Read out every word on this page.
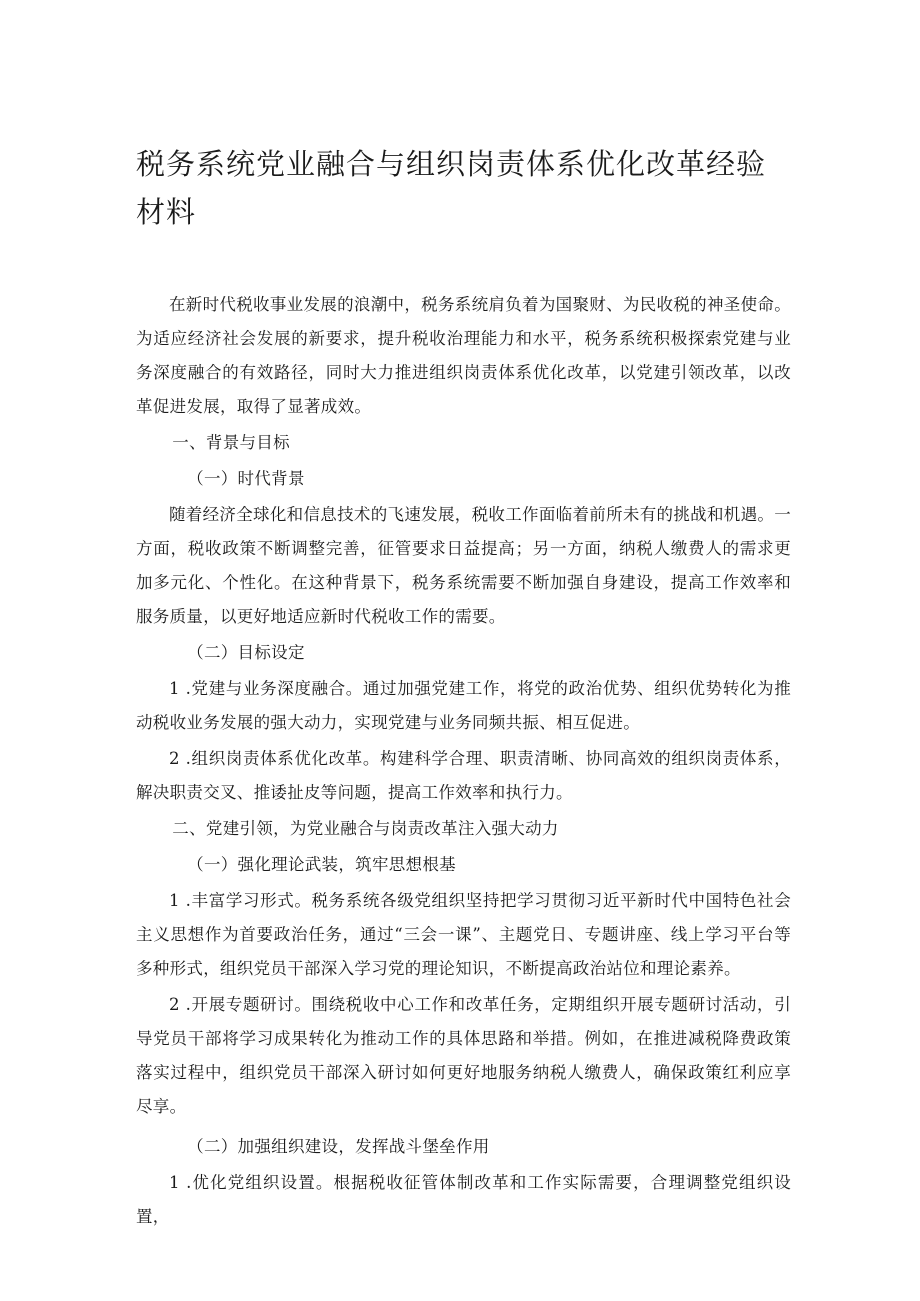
税务系统党业融合与组织岗责体系优化改革经验材料

在新时代税收事业发展的浪潮中，税务系统肩负着为国聚财、为民收税的神圣使命。为适应经济社会发展的新要求，提升税收治理能力和水平，税务系统积极探索党建与业务深度融合的有效路径，同时大力推进组织岗责体系优化改革，以党建引领改革，以改革促进发展，取得了显著成效。

一、背景与目标

（一）时代背景

随着经济全球化和信息技术的飞速发展，税收工作面临着前所未有的挑战和机遇。一方面，税收政策不断调整完善，征管要求日益提高；另一方面，纳税人缴费人的需求更加多元化、个性化。在这种背景下，税务系统需要不断加强自身建设，提高工作效率和服务质量，以更好地适应新时代税收工作的需要。

（二）目标设定

1 .党建与业务深度融合。通过加强党建工作，将党的政治优势、组织优势转化为推动税收业务发展的强大动力，实现党建与业务同频共振、相互促进。

2 .组织岗责体系优化改革。构建科学合理、职责清晰、协同高效的组织岗责体系，解决职责交叉、推诿扯皮等问题，提高工作效率和执行力。

二、党建引领，为党业融合与岗责改革注入强大动力

（一）强化理论武装，筑牢思想根基

1 .丰富学习形式。税务系统各级党组织坚持把学习贯彻习近平新时代中国特色社会主义思想作为首要政治任务，通过“三会一课”、主题党日、专题讲座、线上学习平台等多种形式，组织党员干部深入学习党的理论知识，不断提高政治站位和理论素养。

2 .开展专题研讨。围绕税收中心工作和改革任务，定期组织开展专题研讨活动，引导党员干部将学习成果转化为推动工作的具体思路和举措。例如，在推进减税降费政策落实过程中，组织党员干部深入研讨如何更好地服务纳税人缴费人，确保政策红利应享尽享。

（二）加强组织建设，发挥战斗堡垒作用

1 .优化党组织设置。根据税收征管体制改革和工作实际需要，合理调整党组织设置，
